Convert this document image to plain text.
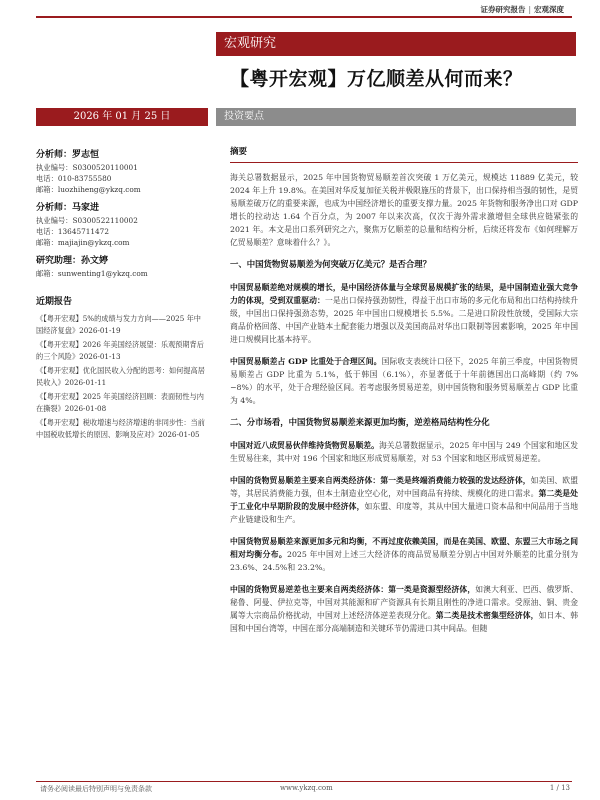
证券研究报告 | 宏观深度
宏观研究
【粤开宏观】万亿顺差从何而来？
2026 年 01 月 25 日	投资要点
分析师：罗志恒
执业编号：S0300520110001
电话：010-83755580
邮箱：luozhiheng@ykzq.com
分析师：马家进
执业编号：S0300522110002
电话：13645711472
邮箱：majiajin@ykzq.com
研究助理：孙文婷
邮箱：sunwenting1@ykzq.com
近期报告
《【粤开宏观】5%的成绩与发力方向——2025 年中国经济复盘》2026-01-19
《【粤开宏观】2026 年美国经济展望：乐观预期背后的三个风险》2026-01-13
《【粤开宏观】优化国民收入分配的思考：如何提高居民收入》2026-01-11
《【粤开宏观】2025 年美国经济回顾：表面韧性与内在撕裂》2026-01-08
《【粤开宏观】税收增速与经济增速的非同步性：当前中国税收低增长的原因、影响及应对》2026-01-05
摘要

海关总署数据显示，2025 年中国货物贸易顺差首次突破 1 万亿美元，规模达 11889 亿美元，较 2024 年上升 19.8%。在美国对华反复加征关税并极限施压的背景下，出口保持相当强的韧性，是贸易顺差破万亿的重要来源，也成为中国经济增长的重要支撑力量。2025 年货物和服务净出口对 GDP 增长的拉动达 1.64 个百分点，为 2007 年以来次高，仅次于海外需求激增但全球供应链紧张的 2021 年。本文是出口系列研究之六，聚焦万亿顺差的总量和结构分析，后续还将发布《如何理解万亿贸易顺差？意味着什么？》。

一、中国货物贸易顺差为何突破万亿美元？是否合理？

中国贸易顺差绝对规模的增长，是中国经济体量与全球贸易规模扩张的结果，是中国制造业强大竞争力的体现，受到双重驱动：一是出口保持强劲韧性，得益于出口市场的多元化布局和出口结构持续升级，中国出口保持强劲态势，2025 年中国出口规模增长 5.5%。二是进口阶段性放缓，受国际大宗商品价格回落、中国产业链本土配套能力增强以及美国商品对华出口限制等因素影响，2025 年中国进口规模同比基本持平。

中国贸易顺差占 GDP 比重处于合理区间。国际收支表统计口径下，2025 年前三季度，中国货物贸易顺差占 GDP 比重为 5.1%，低于韩国（6.1%），亦显著低于十年前德国出口高峰期（约 7%−8%）的水平，处于合理经验区间。若考虑服务贸易逆差，则中国货物和服务贸易顺差占 GDP 比重为 4%。

二、分市场看，中国货物贸易顺差来源更加均衡，逆差格局结构性分化

中国对近八成贸易伙伴维持货物贸易顺差。海关总署数据显示，2025 年中国与 249 个国家和地区发生贸易往来，其中对 196 个国家和地区形成贸易顺差，对 53 个国家和地区形成贸易逆差。

中国的货物贸易顺差主要来自两类经济体：第一类是终端消费能力较强的发达经济体，如美国、欧盟等，其居民消费能力强，但本土制造业空心化，对中国商品有持续、规模化的进口需求。第二类是处于工业化中早期阶段的发展中经济体，如东盟、印度等，其从中国大量进口资本品和中间品用于当地产业链建设和生产。

中国货物贸易顺差来源更加多元和均衡，不再过度依赖美国，而是在美国、欧盟、东盟三大市场之间相对均衡分布。2025 年中国对上述三大经济体的商品贸易顺差分别占中国对外顺差的比重分别为 23.6%、24.5%和 23.2%。

中国的货物贸易逆差也主要来自两类经济体：第一类是资源型经济体，如澳大利亚、巴西、俄罗斯、秘鲁、阿曼、伊拉克等，中国对其能源和矿产资源具有长期且刚性的净进口需求。受原油、铜、贵金属等大宗商品价格扰动，中国对上述经济体逆差表现分化。第二类是技术密集型经济体，如日本、韩国和中国台湾等，中国在部分高端制造和关键环节仍需进口其中间品。但随

请务必阅读最后特别声明与免责条款	www.ykzq.com	1 / 13
